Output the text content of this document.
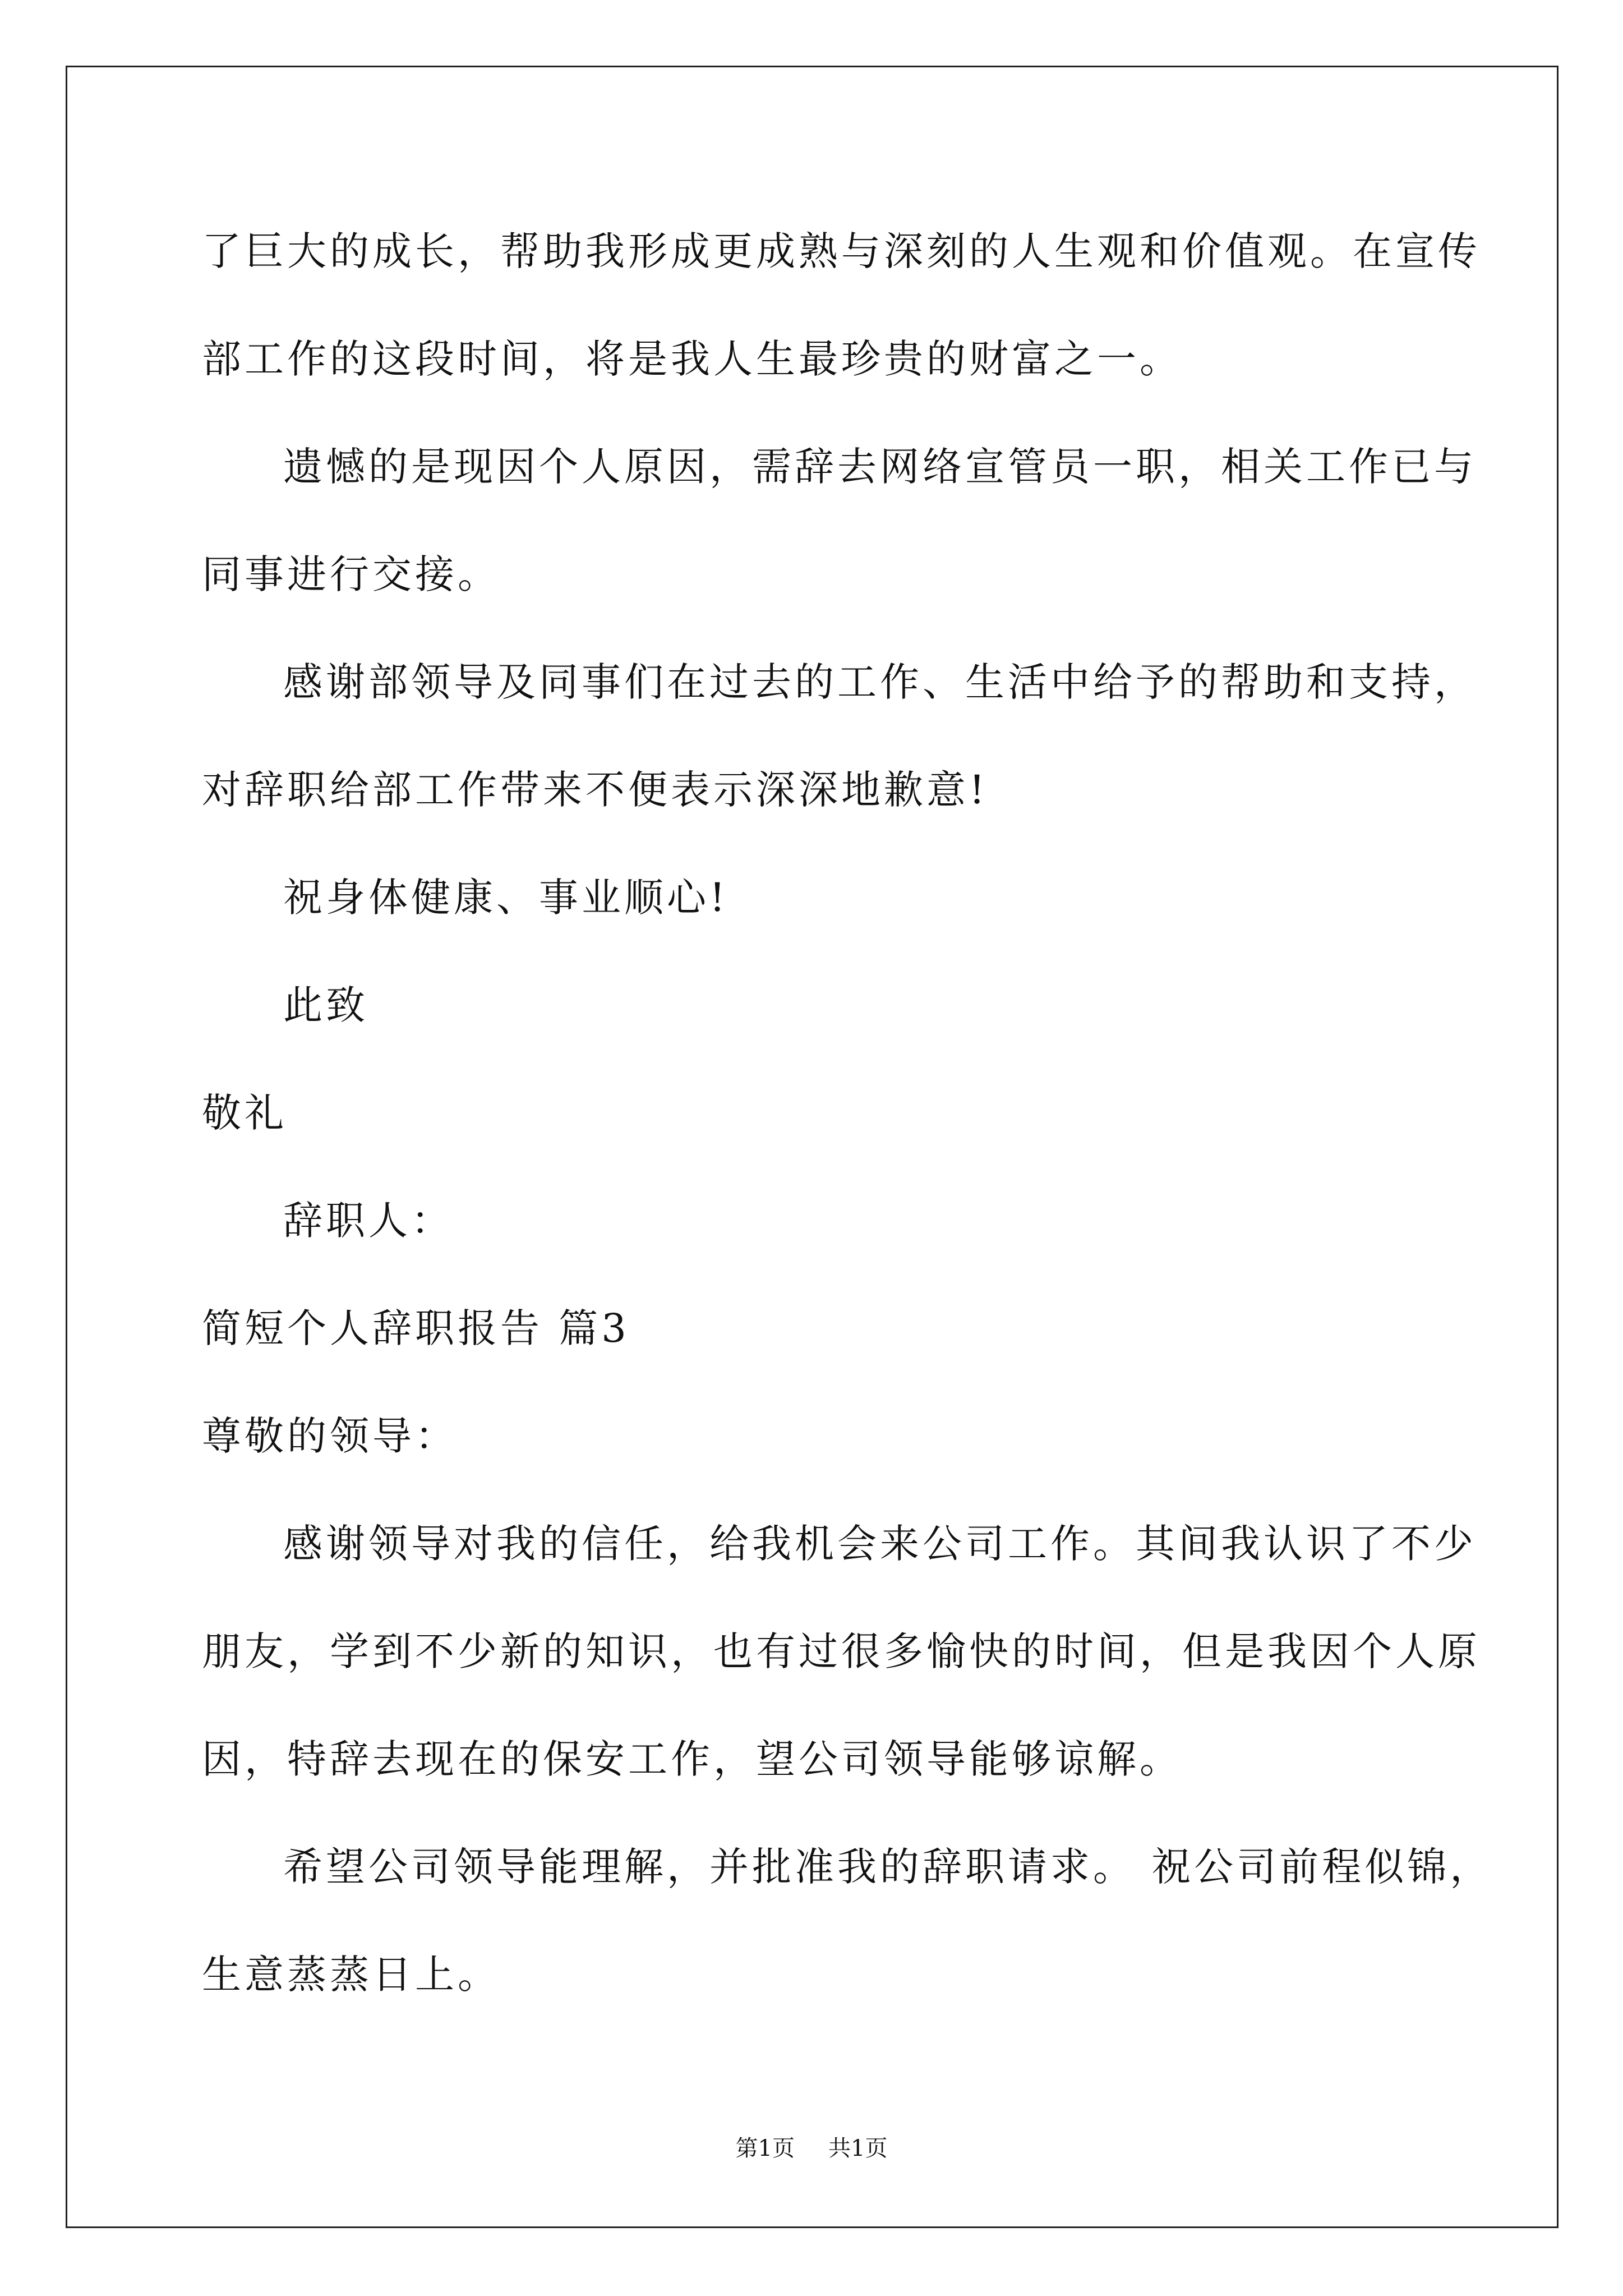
了巨大的成长，帮助我形成更成熟与深刻的人生观和价值观。在宣传
部工作的这段时间，将是我人生最珍贵的财富之一。
遗憾的是现因个人原因，需辞去网络宣管员一职，相关工作已与
同事进行交接。
感谢部领导及同事们在过去的工作、生活中给予的帮助和支持，
对辞职给部工作带来不便表示深深地歉意!
祝身体健康、事业顺心!
此致
敬礼
辞职人：
简短个人辞职报告 篇3
尊敬的领导：
感谢领导对我的信任，给我机会来公司工作。其间我认识了不少
朋友，学到不少新的知识，也有过很多愉快的时间，但是我因个人原
因，特辞去现在的保安工作，望公司领导能够谅解。
希望公司领导能理解，并批准我的辞职请求。 祝公司前程似锦，
生意蒸蒸日上。
第1页 共1页
